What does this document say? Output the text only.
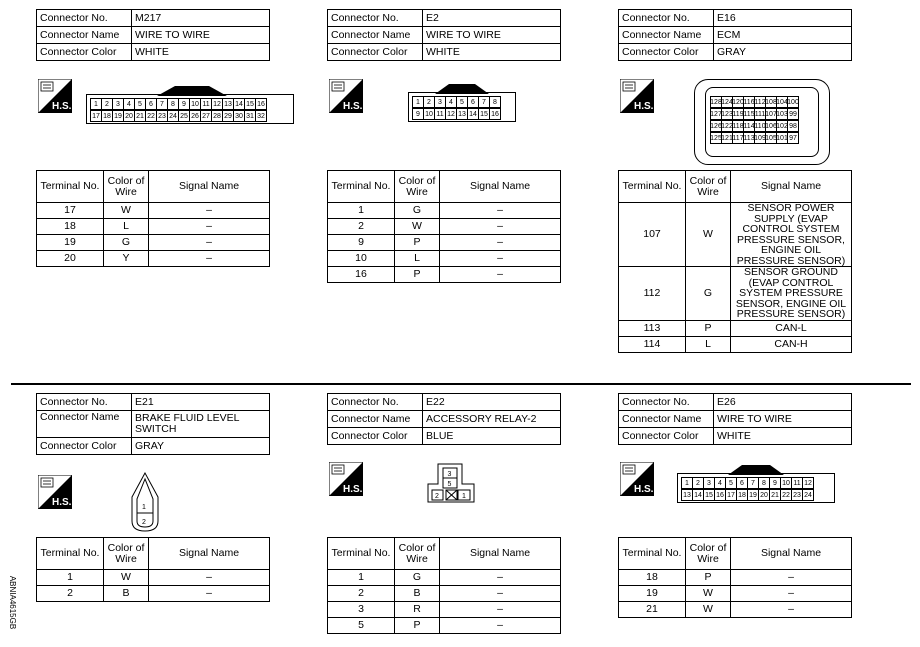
Connector No.	M217
Connector Name	WIRE TO WIRE
Connector Color	WHITE
H.S.	1	2	3	4	5	6	7	8	9 10 11 12 13 14 15 16
17 18 19 20 21 22 23 24 25 26 27 28 29 30 31 32
Terminal No.	Color of Wire	Signal Name
17	W	–
18	L	–
19	G	–
20	Y	–
Connector No.	E2
Connector Name	WIRE TO WIRE
Connector Color	WHITE
H.S.	1	2	3	4	5	6	7	8
9 10 11 12 13 14 15 16
Terminal No.	Color of Wire	Signal Name
1	G	–
2	W	–
9	P	–
10	L	–
16	P	–
Connector No.	E16
Connector Name	ECM
Connector Color	GRAY
H.S.	128 124 120 116 112 108 104 100
127 123 119 115 111 107 103 99
126 122 118 114 110 106 102 98
125 121 117 113 109 105 101 97
Terminal No.	Color of Wire	Signal Name
107	W	SENSOR POWER SUPPLY (EVAP CONTROL SYSTEM PRESSURE SENSOR, ENGINE OIL PRESSURE SENSOR)
112	G	SENSOR GROUND (EVAP CONTROL SYSTEM PRESSURE SENSOR, ENGINE OIL PRESSURE SENSOR)
113	P	CAN-L
114	L	CAN-H
Connector No.	E21
Connector Name	BRAKE FLUID LEVEL SWITCH
Connector Color	GRAY
H.S.	1
2
Terminal No.	Color of Wire	Signal Name
1	W	–
2	B	–
Connector No.	E22
Connector Name	ACCESSORY RELAY-2
Connector Color	BLUE
H.S.
3
5
2	1
Terminal No.	Color of Wire	Signal Name
1	G	–
2	B	–
3	R	–
5	P	–
Connector No.	E26
Connector Name	WIRE TO WIRE
Connector Color	WHITE
H.S.
1	2	3	4	5	6	7	8	9 10 11 12
13 14 15 16 17 18 19 20 21 22 23 24
Terminal No.	Color of Wire	Signal Name
18	P	–
19	W	–
21	W	–
ABNIA4615GB
